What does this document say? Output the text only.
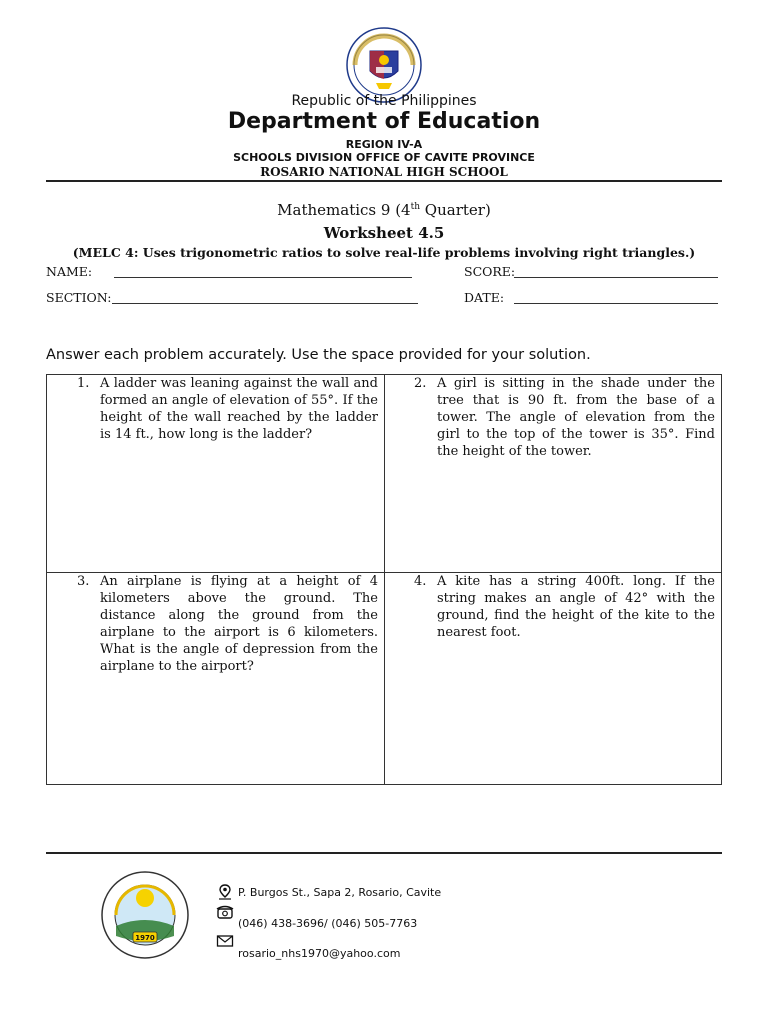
Republic of the Philippines
Department of Education
REGION IV-A
SCHOOLS DIVISION OFFICE OF CAVITE PROVINCE
ROSARIO NATIONAL HIGH SCHOOL
Mathematics 9 (4th Quarter)
Worksheet 4.5
(MELC 4: Uses trigonometric ratios to solve real-life problems involving right triangles.)
NAME:	SCORE:
SECTION:	DATE:
Answer each problem accurately. Use the space provided for your solution.
1. A ladder was leaning against the wall and formed an angle of elevation of 55°. If the height of the wall reached by the ladder is 14 ft., how long is the ladder?
2. A girl is sitting in the shade under the tree that is 90 ft. from the base of a tower. The angle of elevation from the girl to the top of the tower is 35°. Find the height of the tower.
3. An airplane is flying at a height of 4 kilometers above the ground. The distance along the ground from the airplane to the airport is 6 kilometers. What is the angle of depression from the airplane to the airport?
4. A kite has a string 400ft. long. If the string makes an angle of 42° with the ground, find the height of the kite to the nearest foot.
1970
P. Burgos St., Sapa 2, Rosario, Cavite
(046) 438-3696/ (046) 505-7763
rosario_nhs1970@yahoo.com
